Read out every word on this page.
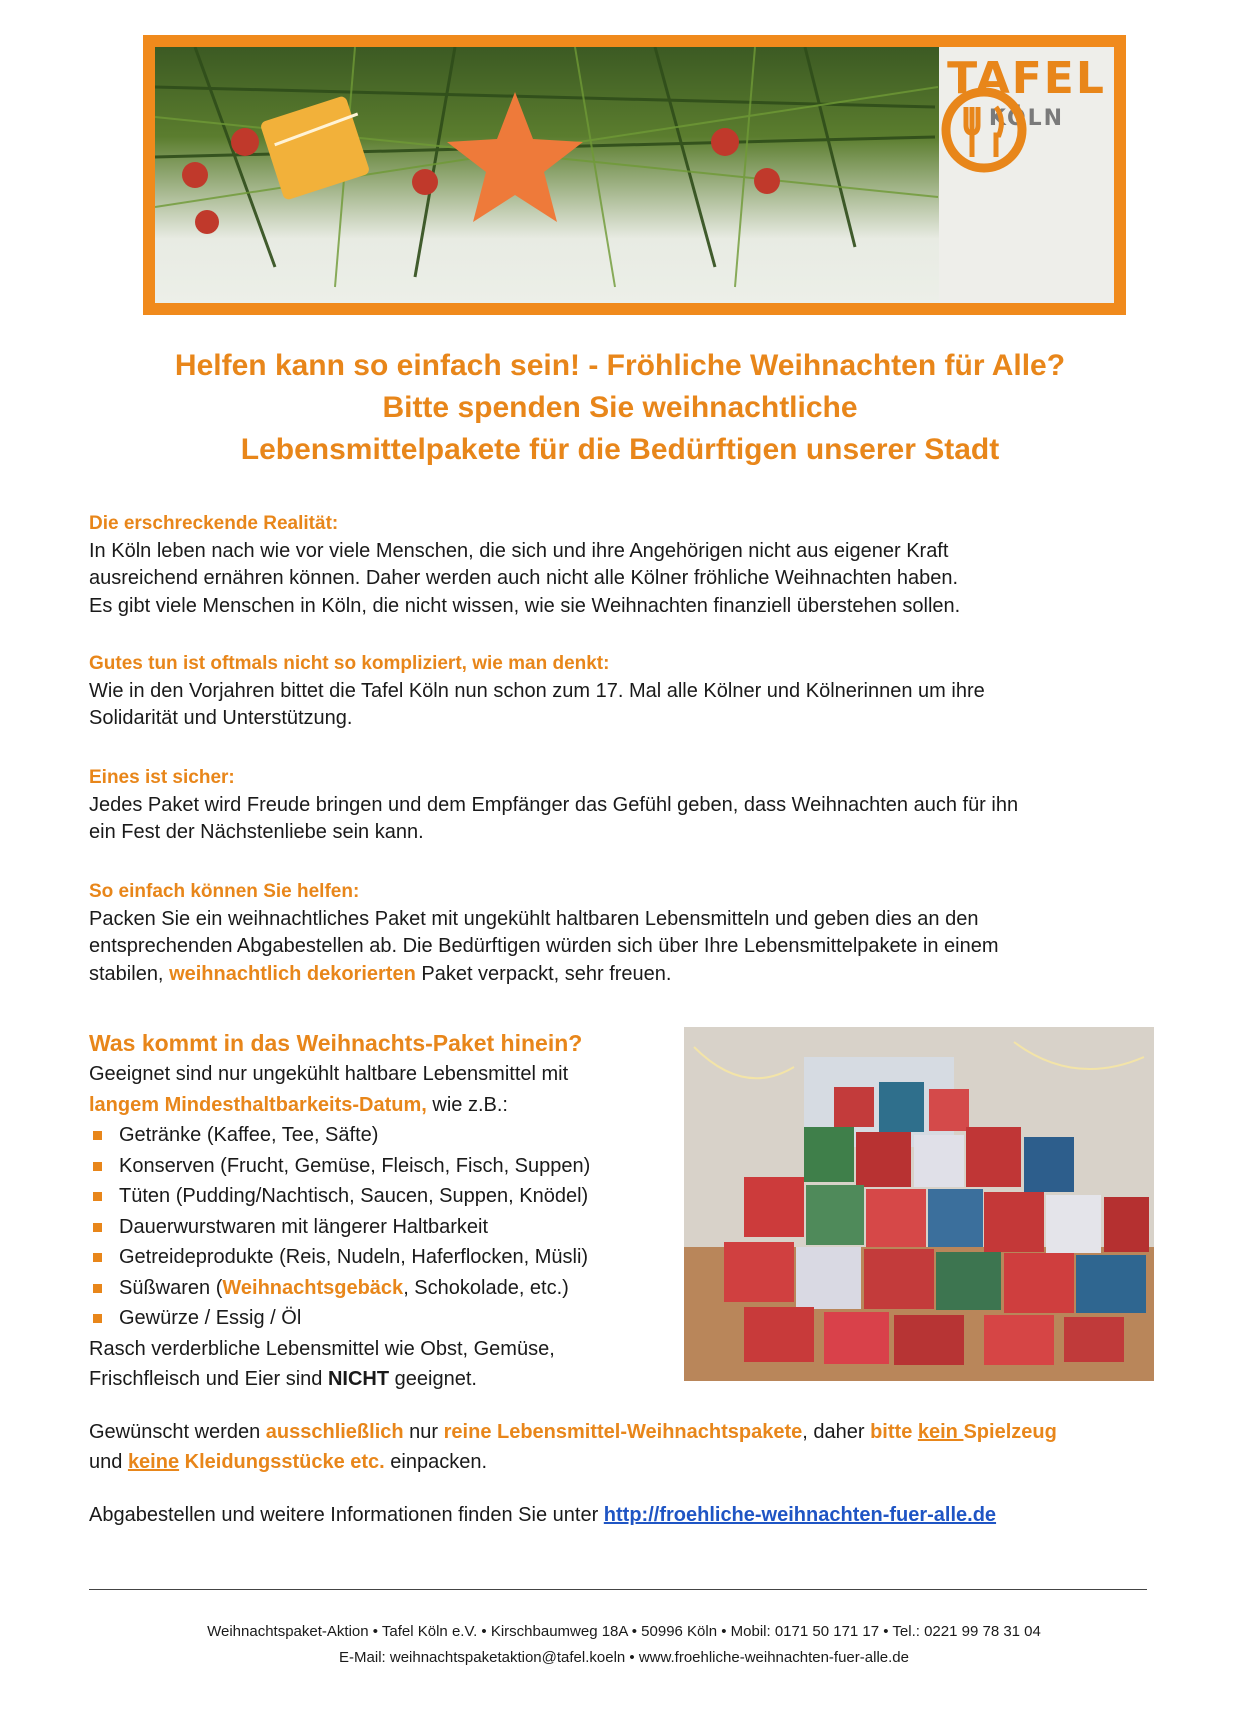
TAFEL
KÖLN
Helfen kann so einfach sein! - Fröhliche Weihnachten für Alle?
Bitte spenden Sie weihnachtliche
Lebensmittelpakete für die Bedürftigen unserer Stadt
Die erschreckende Realität:

In Köln leben nach wie vor viele Menschen, die sich und ihre Angehörigen nicht aus eigener Kraft

ausreichend ernähren können. Daher werden auch nicht alle Kölner fröhliche Weihnachten haben.

Es gibt viele Menschen in Köln, die nicht wissen, wie sie Weihnachten finanziell überstehen sollen.

Gutes tun ist oftmals nicht so kompliziert, wie man denkt:

Wie in den Vorjahren bittet die Tafel Köln nun schon zum 17. Mal alle Kölner und Kölnerinnen um ihre

Solidarität und Unterstützung.

Eines ist sicher:

Jedes Paket wird Freude bringen und dem Empfänger das Gefühl geben, dass Weihnachten auch für ihn

ein Fest der Nächstenliebe sein kann.

So einfach können Sie helfen:

Packen Sie ein weihnachtliches Paket mit ungekühlt haltbaren Lebensmitteln und geben dies an den

entsprechenden Abgabestellen ab. Die Bedürftigen würden sich über Ihre Lebensmittelpakete in einem

stabilen, weihnachtlich dekorierten Paket verpackt, sehr freuen.

Was kommt in das Weihnachts-Paket hinein?
Geeignet sind nur ungekühlt haltbare Lebensmittel mit
langem Mindesthaltbarkeits-Datum, wie z.B.:
Getränke (Kaffee, Tee, Säfte)
Konserven (Frucht, Gemüse, Fleisch, Fisch, Suppen)
Tüten (Pudding/Nachtisch, Saucen, Suppen, Knödel)
Dauerwurstwaren mit längerer Haltbarkeit
Getreideprodukte (Reis, Nudeln, Haferflocken, Müsli)
Süßwaren (Weihnachtsgebäck, Schokolade, etc.)
Gewürze / Essig / Öl
Rasch verderbliche Lebensmittel wie Obst, Gemüse,
Frischfleisch und Eier sind NICHT geeignet.

Gewünscht werden ausschließlich nur reine Lebensmittel-Weihnachtspakete, daher bitte kein Spielzeug

und keine Kleidungsstücke etc. einpacken.

Abgabestellen und weitere Informationen finden Sie unter http://froehliche-weihnachten-fuer-alle.de

Weihnachtspaket-Aktion • Tafel Köln e.V. • Kirschbaumweg 18A • 50996 Köln • Mobil: 0171 50 171 17 • Tel.: 0221 99 78 31 04
E-Mail: weihnachtspaketaktion@tafel.koeln • www.froehliche-weihnachten-fuer-alle.de
